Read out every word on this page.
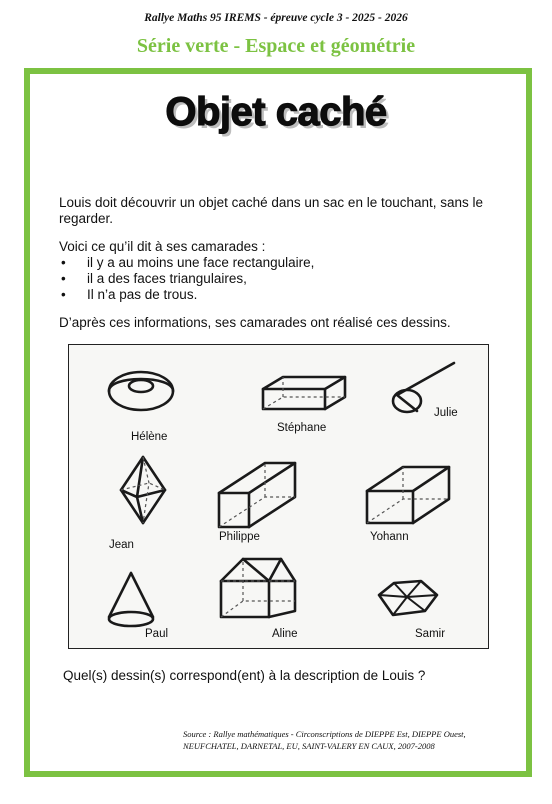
Rallye Maths 95 IREMS - épreuve cycle 3 - 2025 - 2026
Série verte - Espace et géométrie
Objet caché
Louis doit découvrir un objet caché dans un sac en le touchant, sans le regarder.
Voici ce qu’il dit à ses camarades :
• il y a au moins une face rectangulaire,
• il a des faces triangulaires,
• Il n’a pas de trous.
D’après ces informations, ses camarades ont réalisé ces dessins.
Hélène
Stéphane
Julie
Jean
Philippe	Yohann
Paul	Aline	Samir
Quel(s) dessin(s) correspond(ent) à la description de Louis ?
Source : Rallye mathématiques - Circonscriptions de DIEPPE Est, DIEPPE Ouest, NEUFCHATEL, DARNETAL, EU, SAINT-VALERY EN CAUX, 2007-2008
